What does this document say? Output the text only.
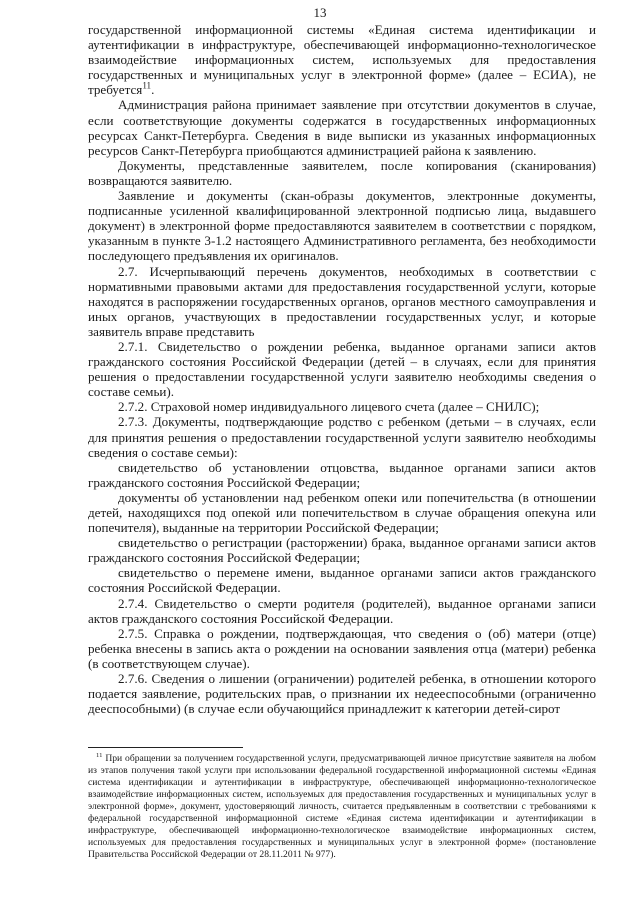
13

государственной информационной системы «Единая система идентификации и аутентификации в инфраструктуре, обеспечивающей информационно-технологическое взаимодействие информационных систем, используемых для предоставления государственных и муниципальных услуг в электронной форме» (далее – ЕСИА), не требуется$^{11}$.

Администрация района принимает заявление при отсутствии документов в случае, если соответствующие документы содержатся в государственных информационных ресурсах Санкт-Петербурга. Сведения в виде выписки из указанных информационных ресурсов Санкт-Петербурга приобщаются администрацией района к заявлению.

Документы, представленные заявителем, после копирования (сканирования) возвращаются заявителю.

Заявление и документы (скан-образы документов, электронные документы, подписанные усиленной квалифицированной электронной подписью лица, выдавшего документ) в электронной форме предоставляются заявителем в соответствии с порядком, указанным в пункте 3-1.2 настоящего Административного регламента, без необходимости последующего предъявления их оригиналов.

2.7. Исчерпывающий перечень документов, необходимых в соответствии с нормативными правовыми актами для предоставления государственной услуги, которые находятся в распоряжении государственных органов, органов местного самоуправления и иных органов, участвующих в предоставлении государственных услуг, и которые заявитель вправе представить

2.7.1. Свидетельство о рождении ребенка, выданное органами записи актов гражданского состояния Российской Федерации (детей – в случаях, если для принятия решения о предоставлении государственной услуги заявителю необходимы сведения о составе семьи).

2.7.2. Страховой номер индивидуального лицевого счета (далее – СНИЛС);

2.7.3. Документы, подтверждающие родство с ребенком (детьми – в случаях, если для принятия решения о предоставлении государственной услуги заявителю необходимы сведения о составе семьи):

свидетельство об установлении отцовства, выданное органами записи актов гражданского состояния Российской Федерации;

документы об установлении над ребенком опеки или попечительства (в отношении детей, находящихся под опекой или попечительством в случае обращения опекуна или попечителя), выданные на территории Российской Федерации;

свидетельство о регистрации (расторжении) брака, выданное органами записи актов гражданского состояния Российской Федерации;

свидетельство о перемене имени, выданное органами записи актов гражданского состояния Российской Федерации.

2.7.4. Свидетельство о смерти родителя (родителей), выданное органами записи актов гражданского состояния Российской Федерации.

2.7.5. Справка о рождении, подтверждающая, что сведения о (об) матери (отце) ребенка внесены в запись акта о рождении на основании заявления отца (матери) ребенка (в соответствующем случае).

2.7.6. Сведения о лишении (ограничении) родителей ребенка, в отношении которого подается заявление, родительских прав, о признании их недееспособными (ограниченно дееспособными) (в случае если обучающийся принадлежит к категории детей-сирот

$^{11}$ При обращении за получением государственной услуги, предусматривающей личное присутствие заявителя на любом из этапов получения такой услуги при использовании федеральной государственной информационной системы «Единая система идентификации и аутентификации в инфраструктуре, обеспечивающей информационно-технологическое взаимодействие информационных систем, используемых для предоставления государственных и муниципальных услуг в электронной форме», документ, удостоверяющий личность, считается предъявленным в соответствии с требованиями к федеральной государственной информационной системе «Единая система идентификации и аутентификации в инфраструктуре, обеспечивающей информационно-технологическое взаимодействие информационных систем, используемых для предоставления государственных и муниципальных услуг в электронной форме» (постановление Правительства Российской Федерации от 28.11.2011 № 977).
